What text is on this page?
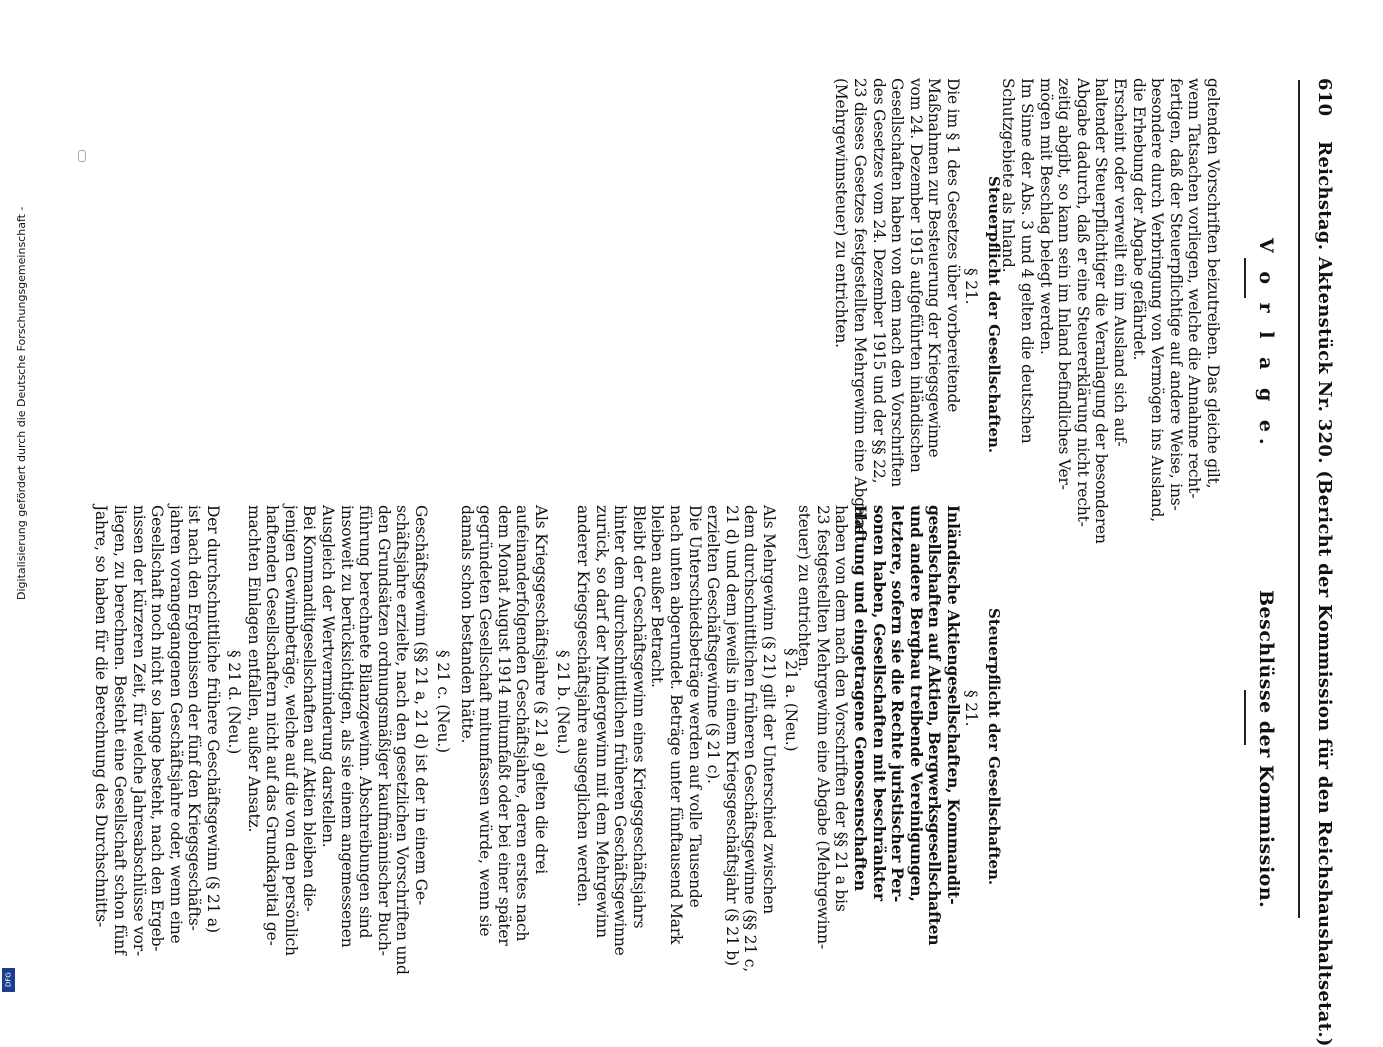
Digitalisierung gefördert durch die Deutsche Forschungsgemeinschaft -
DFG
610 Reichstag. Aktenstück Nr. 320. (Bericht der Kommission für den Reichshaushaltsetat.)
V o r l a g e.
geltenden Vorschriften beizutreiben. Das gleiche gilt,
wenn Tatsachen vorliegen, welche die Annahme recht-
fertigen, daß der Steuerpflichtige auf andere Weise, ins-
besondere durch Verbringung von Vermögen ins Ausland,
die Erhebung der Abgabe gefährdet.
Erscheint oder verweilt ein im Ausland sich auf-
haltender Steuerpflichtiger die Veranlagung der besonderen
Abgabe dadurch, daß er eine Steuererklärung nicht recht-
zeitig abgibt, so kann sein im Inland befindliches Ver-
mögen mit Beschlag belegt werden.
Im Sinne der Abs. 3 und 4 gelten die deutschen
Schutzgebiete als Inland.
Steuerpflicht der Gesellschaften.
§ 21.
Die im § 1 des Gesetzes über vorbereitende
Maßnahmen zur Besteuerung der Kriegsgewinne
vom 24. Dezember 1915 aufgeführten inländischen
Gesellschaften haben von dem nach den Vorschriften
des Gesetzes vom 24. Dezember 1915 und der §§ 22,
23 dieses Gesetzes festgestellten Mehrgewinn eine Abgabe
(Mehrgewinnsteuer) zu entrichten.
Beschlüsse der Kommission.
Steuerpflicht der Gesellschaften.
§ 21.
Inländische Aktiengesellschaften, Kommandit-
gesellschaften auf Aktien, Bergwerksgesellschaften
und andere Bergbau treibende Vereinigungen,
letztere, sofern sie die Rechte juristischer Per-
sonen haben, Gesellschaften mit beschränkter
Haftung und eingetragene Genossenschaften
haben von dem nach den Vorschriften der §§ 21 a bis
23 festgestellten Mehrgewinn eine Abgabe (Mehrgewinn-
steuer) zu entrichten.
§ 21 a. (Neu.)
Als Mehrgewinn (§ 21) gilt der Unterschied zwischen
dem durchschnittlichen früheren Geschäftsgewinne (§§ 21 c,
21 d) und dem jeweils in einem Kriegsgeschäftsjahr (§ 21 b)
erzielten Geschäftsgewinne (§ 21 c).
Die Unterschiedsbeträge werden auf volle Tausende
nach unten abgerundet. Beträge unter fünftausend Mark
bleiben außer Betracht.
Bleibt der Geschäftsgewinn eines Kriegsgeschäftsjahrs
hinter dem durchschnittlichen früheren Geschäftsgewinne
zurück, so darf der Mindergewinn mit dem Mehrgewinn
anderer Kriegsgeschäftsjahre ausgeglichen werden.
§ 21 b. (Neu.)
Als Kriegsgeschäftsjahre (§ 21 a) gelten die drei
aufeinanderfolgenden Geschäftsjahre, deren erstes nach
dem Monat August 1914 mitumfaßt oder bei einer später
gegründeten Gesellschaft mitumfassen würde, wenn sie
damals schon bestanden hätte.
§ 21 c. (Neu.)
Geschäftsgewinn (§§ 21 a, 21 d) ist der in einem Ge-
schäftsjahre erzielte, nach den gesetzlichen Vorschriften und
den Grundsätzen ordnungsmäßiger kaufmännischer Buch-
führung berechnete Bilanzgewinn. Abschreibungen sind
insoweit zu berücksichtigen, als sie einem angemessenen
Ausgleich der Wertverminderung darstellen.
Bei Kommanditgesellschaften auf Aktien bleiben die-
jenigen Gewinnbeträge, welche auf die von den persönlich
haftenden Gesellschaftern nicht auf das Grundkapital ge-
machten Einlagen entfallen, außer Ansatz.
§ 21 d. (Neu.)
Der durchschnittliche frühere Geschäftsgewinn (§ 21 a)
ist nach den Ergebnissen der fünf den Kriegsgeschäfts-
jahren vorangegangenen Geschäftsjahre oder, wenn eine
Gesellschaft noch nicht so lange besteht, nach den Ergeb-
nissen der kürzeren Zeit, für welche Jahresabschlüsse vor-
liegen, zu berechnen. Besteht eine Gesellschaft schon fünf
Jahre, so haben für die Berechnung des Durchschnitts-
